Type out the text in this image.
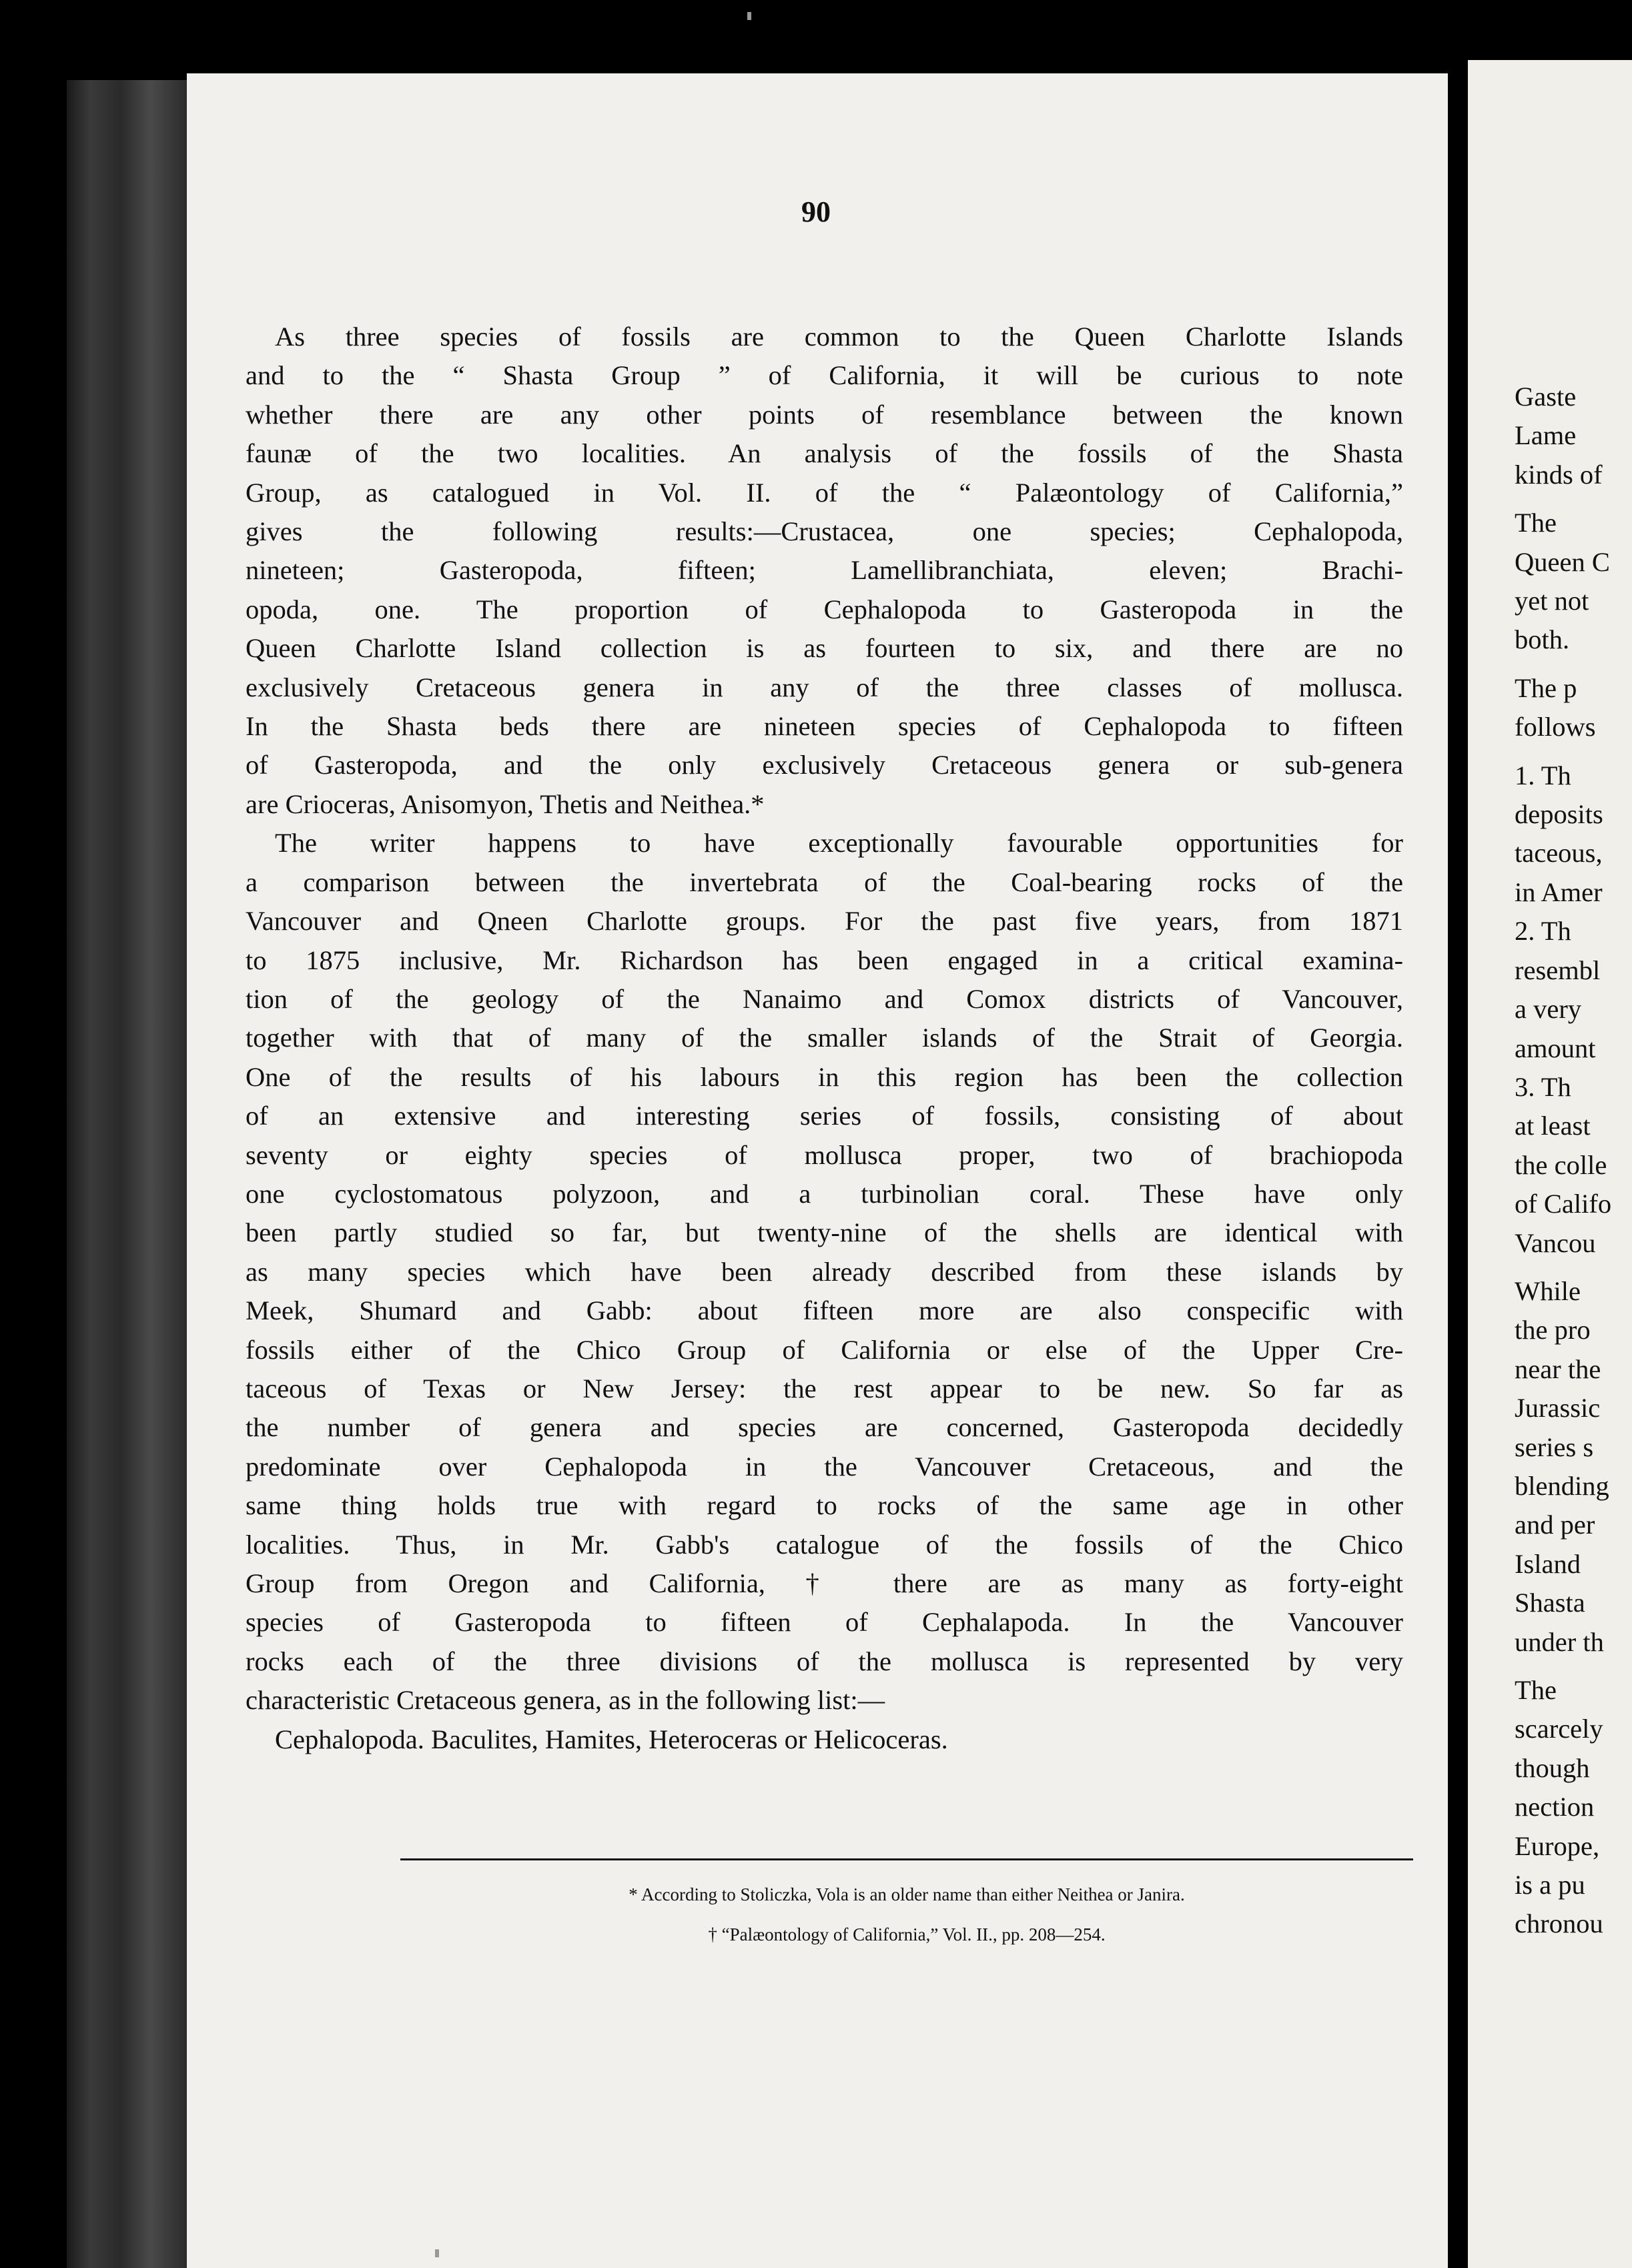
Gaste
Lame
kinds of
The
Queen C
yet not
both.
The p
follows
1. Th
deposits
taceous,
in Amer
2. Th
resembl
a very
amount
3. Th
at least
the colle
of Califo
Vancou
While
the pro
near the
Jurassic
series s
blending
and per
Island
Shasta
under th
The
scarcely
though
nection
Europe,
is a pu
chronou
90
As three species of fossils are common to the Queen Charlotte Islands
and to the “ Shasta Group ” of California, it will be curious to note
whether there are any other points of resemblance between the known
faunæ of the two localities. An analysis of the fossils of the Shasta
Group, as catalogued in Vol. II. of the “ Palæontology of California,”
gives the following results:—Crustacea, one species; Cephalopoda,
nineteen; Gasteropoda, fifteen; Lamellibranchiata, eleven; Brachi-
opoda, one. The proportion of Cephalopoda to Gasteropoda in the
Queen Charlotte Island collection is as fourteen to six, and there are no
exclusively Cretaceous genera in any of the three classes of mollusca.
In the Shasta beds there are nineteen species of Cephalopoda to fifteen
of Gasteropoda, and the only exclusively Cretaceous genera or sub-genera
are Crioceras, Anisomyon, Thetis and Neithea.*
The writer happens to have exceptionally favourable opportunities for
a comparison between the invertebrata of the Coal-bearing rocks of the
Vancouver and Qneen Charlotte groups. For the past five years, from 1871
to 1875 inclusive, Mr. Richardson has been engaged in a critical examina-
tion of the geology of the Nanaimo and Comox districts of Vancouver,
together with that of many of the smaller islands of the Strait of Georgia.
One of the results of his labours in this region has been the collection
of an extensive and interesting series of fossils, consisting of about
seventy or eighty species of mollusca proper, two of brachiopoda
one cyclostomatous polyzoon, and a turbinolian coral. These have only
been partly studied so far, but twenty-nine of the shells are identical with
as many species which have been already described from these islands by
Meek, Shumard and Gabb: about fifteen more are also conspecific with
fossils either of the Chico Group of California or else of the Upper Cre-
taceous of Texas or New Jersey: the rest appear to be new. So far as
the number of genera and species are concerned, Gasteropoda decidedly
predominate over Cephalopoda in the Vancouver Cretaceous, and the
same thing holds true with regard to rocks of the same age in other
localities. Thus, in Mr. Gabb's catalogue of the fossils of the Chico
Group from Oregon and California, † there are as many as forty-eight
species of Gasteropoda to fifteen of Cephalapoda. In the Vancouver
rocks each of the three divisions of the mollusca is represented by very
characteristic Cretaceous genera, as in the following list:—
Cephalopoda. Baculites, Hamites, Heteroceras or Helicoceras.
* According to Stoliczka, Vola is an older name than either Neithea or Janira.
† “Palæontology of California,” Vol. II., pp. 208—254.
